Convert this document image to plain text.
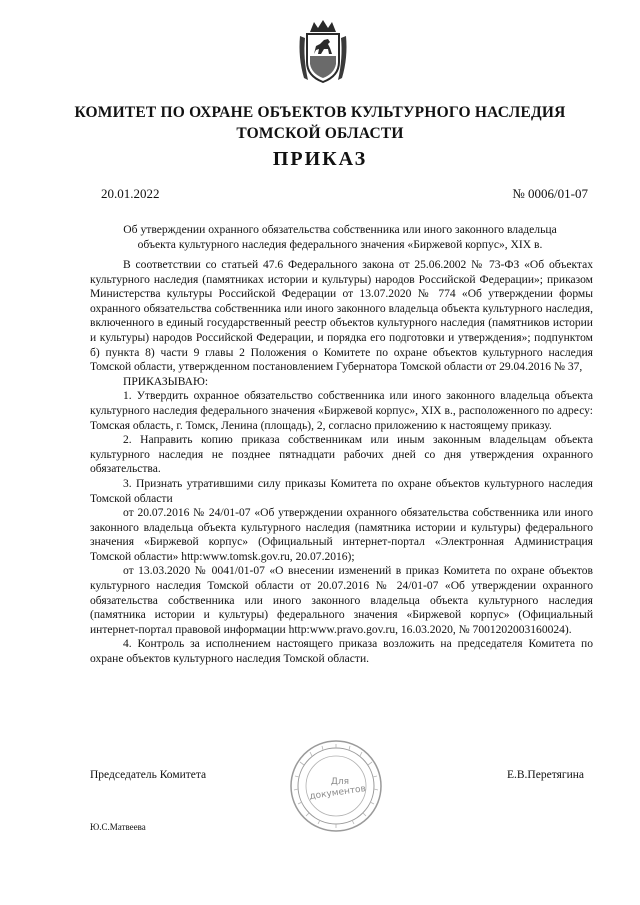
КОМИТЕТ ПО ОХРАНЕ ОБЪЕКТОВ КУЛЬТУРНОГО НАСЛЕДИЯ
ТОМСКОЙ ОБЛАСТИ
ПРИКАЗ
20.01.2022	№ 0006/01-07
Об утверждении охранного обязательства собственника или иного законного владельца
объекта культурного наследия федерального значения «Биржевой корпус», XIX в.

В соответствии со статьей 47.6 Федерального закона от 25.06.2002 № 73-ФЗ «Об объектах культурного наследия (памятниках истории и культуры) народов Российской Федерации»; приказом Министерства культуры Российской Федерации от 13.07.2020 № 774 «Об утверждении формы охранного обязательства собственника или иного законного владельца объекта культурного наследия, включенного в единый государственный реестр объектов культурного наследия (памятников истории и культуры) народов Российской Федерации, и порядка его подготовки и утверждения»; подпунктом б) пункта 8) части 9 главы 2 Положения о Комитете по охране объектов культурного наследия Томской области, утвержденном постановлением Губернатора Томской области от 29.04.2016 № 37,

ПРИКАЗЫВАЮ:

1. Утвердить охранное обязательство собственника или иного законного владельца объекта культурного наследия федерального значения «Биржевой корпус», XIX в., расположенного по адресу: Томская область, г. Томск, Ленина (площадь), 2, согласно приложению к настоящему приказу.

2. Направить копию приказа собственникам или иным законным владельцам объекта культурного наследия не позднее пятнадцати рабочих дней со дня утверждения охранного обязательства.

3. Признать утратившими силу приказы Комитета по охране объектов культурного наследия Томской области

от 20.07.2016 № 24/01-07 «Об утверждении охранного обязательства собственника или иного законного владельца объекта культурного наследия (памятника истории и культуры) федерального значения «Биржевой корпус» (Официальный интернет-портал «Электронная Администрация Томской области» http:www.tomsk.gov.ru, 20.07.2016);

от 13.03.2020 № 0041/01-07 «О внесении изменений в приказ Комитета по охране объектов культурного наследия Томской области от 20.07.2016 № 24/01-07 «Об утверждении охранного обязательства собственника или иного законного владельца объекта культурного наследия (памятника истории и культуры) федерального значения «Биржевой корпус» (Официальный интернет-портал правовой информации http:www.pravo.gov.ru, 16.03.2020, № 7001202003160024).

4. Контроль за исполнением настоящего приказа возложить на председателя Комитета по охране объектов культурного наследия Томской области.

Председатель Комитета	Е.В.Перетягина
Для
документов
Ю.С.Матвеева
